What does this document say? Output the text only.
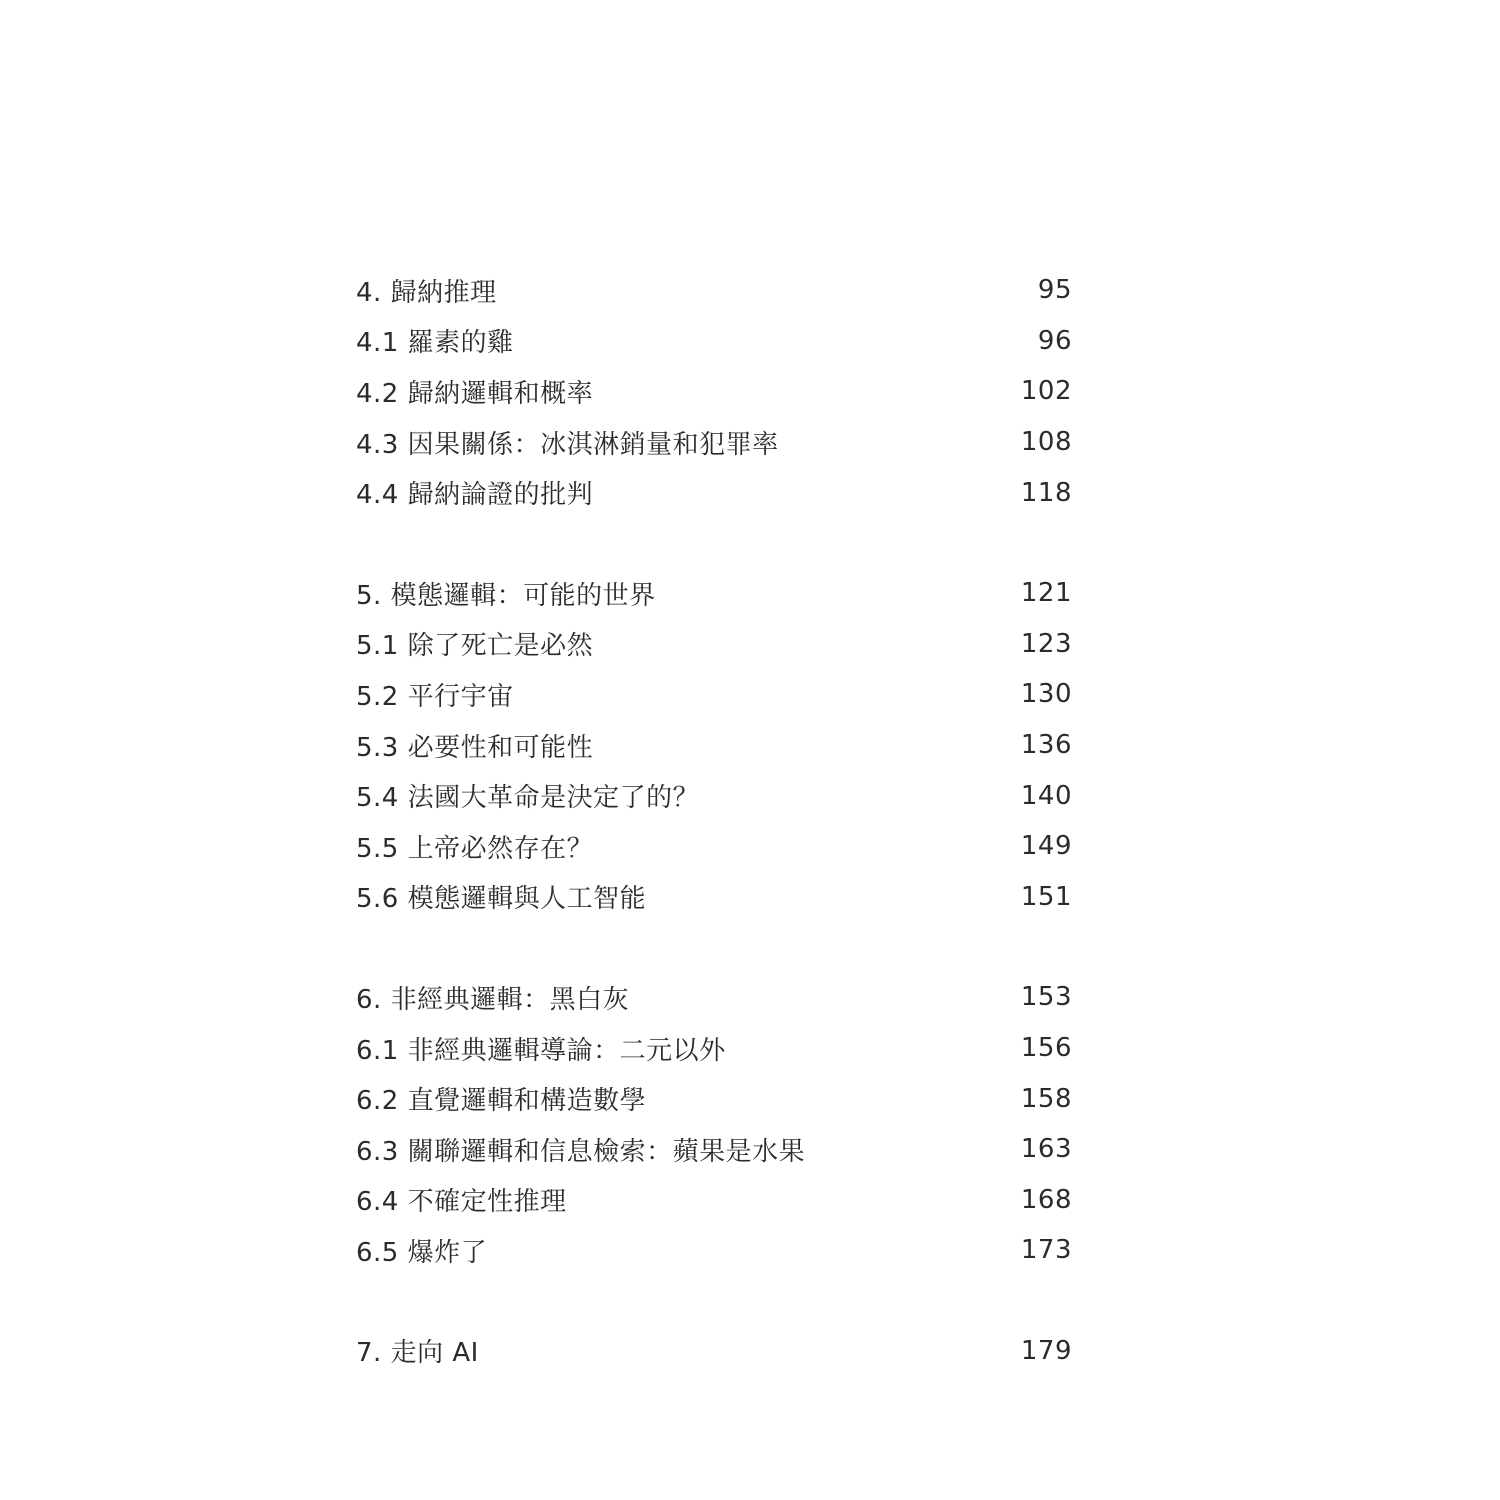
4. 歸納推理	95
4.1 羅素的雞	96
4.2 歸納邏輯和概率	102
4.3 因果關係：冰淇淋銷量和犯罪率	108
4.4 歸納論證的批判	118
5. 模態邏輯：可能的世界	121
5.1 除了死亡是必然	123
5.2 平行宇宙	130
5.3 必要性和可能性	136
5.4 法國大革命是決定了的？	140
5.5 上帝必然存在？	149
5.6 模態邏輯與人工智能	151
6. 非經典邏輯：黑白灰	153
6.1 非經典邏輯導論：二元以外	156
6.2 直覺邏輯和構造數學	158
6.3 關聯邏輯和信息檢索：蘋果是水果	163
6.4 不確定性推理	168
6.5 爆炸了	173
7. 走向 AI	179
